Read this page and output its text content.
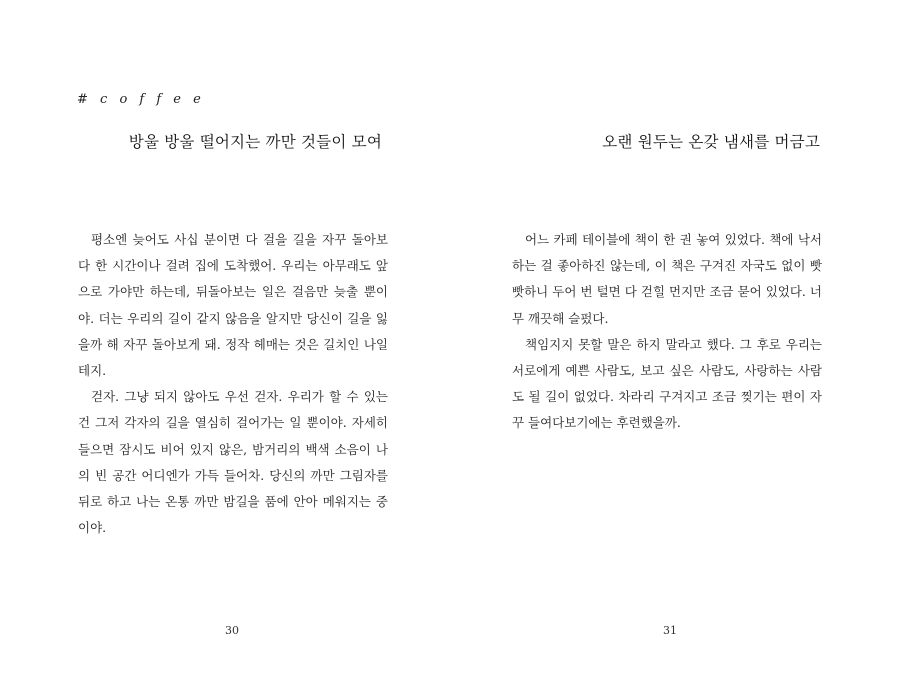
# c o f f e e
방울 방울 떨어지는 까만 것들이 모여

평소엔 늦어도 사십 분이면 다 걸을 길을 자꾸 돌아보다 한 시간이나 걸려 집에 도착했어. 우리는 아무래도 앞으로 가야만 하는데, 뒤돌아보는 일은 걸음만 늦출 뿐이야. 더는 우리의 길이 같지 않음을 알지만 당신이 길을 잃을까 해 자꾸 돌아보게 돼. 정작 헤매는 것은 길치인 나일 테지.

걷자. 그냥 되지 않아도 우선 걷자. 우리가 할 수 있는 건 그저 각자의 길을 열심히 걸어가는 일 뿐이야. 자세히 들으면 잠시도 비어 있지 않은, 밤거리의 백색 소음이 나의 빈 공간 어디엔가 가득 들어차. 당신의 까만 그림자를 뒤로 하고 나는 온통 까만 밤길을 품에 안아 메워지는 중이야.

30
오랜 원두는 온갖 냄새를 머금고

어느 카페 테이블에 책이 한 권 놓여 있었다. 책에 낙서하는 걸 좋아하진 않는데, 이 책은 구겨진 자국도 없이 빳빳하니 두어 번 털면 다 걷힐 먼지만 조금 묻어 있었다. 너무 깨끗해 슬펐다.

책임지지 못할 말은 하지 말라고 했다. 그 후로 우리는 서로에게 예쁜 사람도, 보고 싶은 사람도, 사랑하는 사람도 될 길이 없었다. 차라리 구겨지고 조금 찢기는 편이 자꾸 들여다보기에는 후련했을까.

31
